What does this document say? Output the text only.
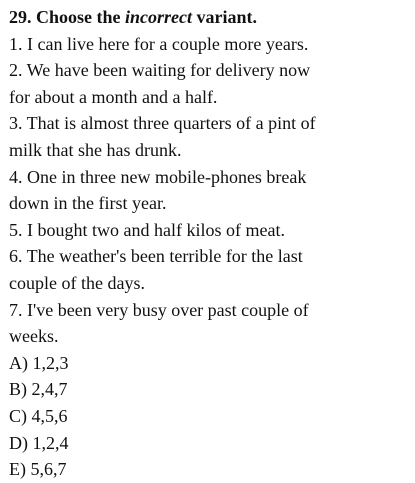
29. Choose the incorrect variant.
1. I can live here for a couple more years.
2. We have been waiting for delivery now
for about a month and a half.
3. That is almost three quarters of a pint of
milk that she has drunk.
4. One in three new mobile-phones break
down in the first year.
5. I bought two and half kilos of meat.
6. The weather's been terrible for the last
couple of the days.
7. I've been very busy over past couple of
weeks.
A) 1,2,3
B) 2,4,7
C) 4,5,6
D) 1,2,4
E) 5,6,7
